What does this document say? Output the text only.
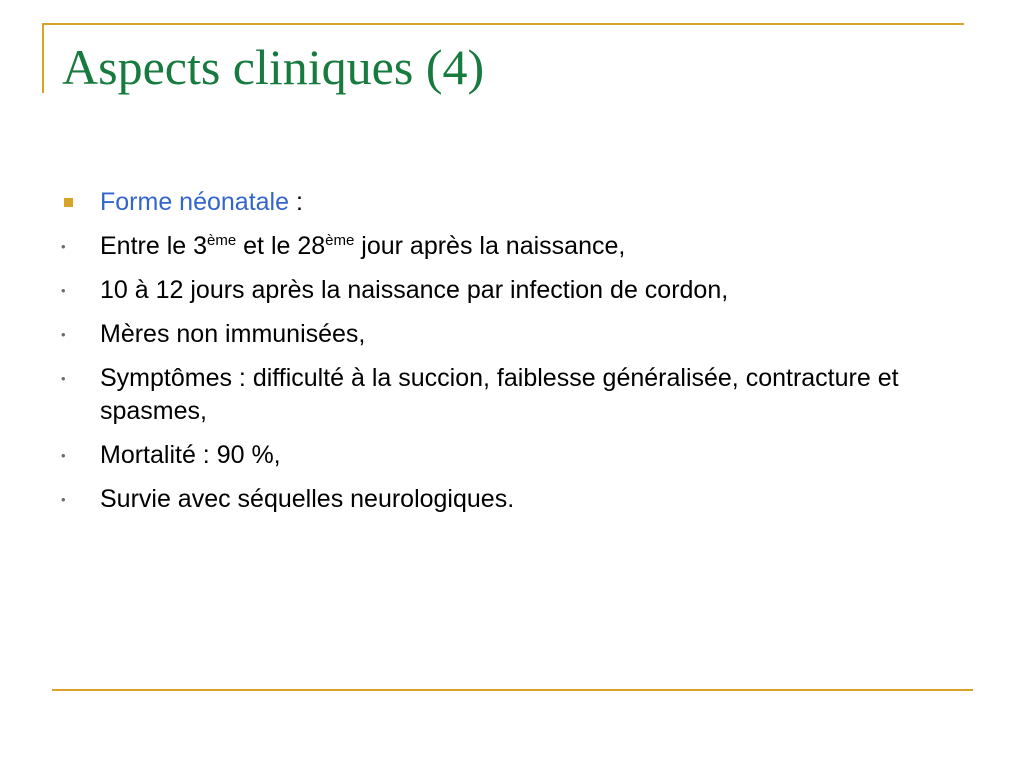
Aspects cliniques (4)
Forme néonatale :
• Entre le 3ème et le 28ème jour après la naissance,
• 10 à 12 jours après la naissance par infection de cordon,
• Mères non immunisées,
• Symptômes : difficulté à la succion, faiblesse généralisée, contracture et spasmes,
• Mortalité : 90 %,
• Survie avec séquelles neurologiques.
